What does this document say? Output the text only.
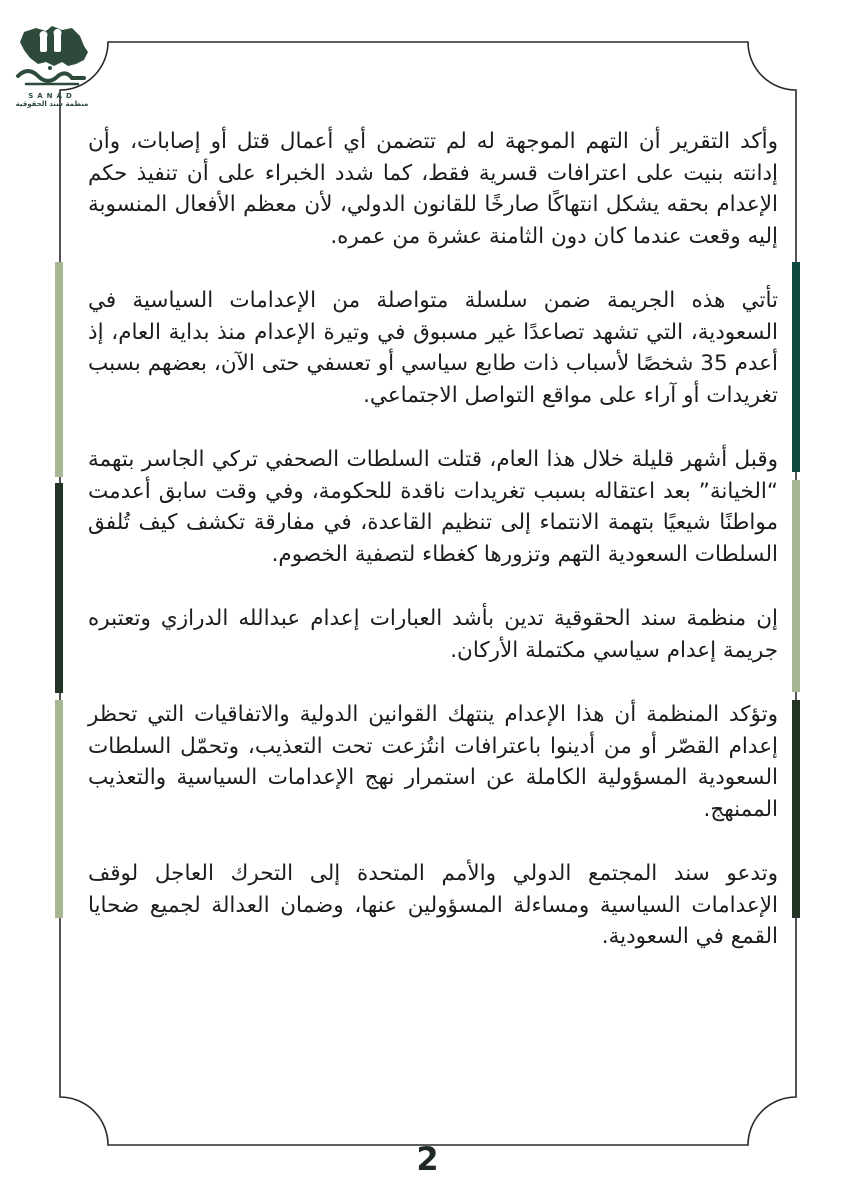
SANAD
منظمة سند الحقوقية

وأكد التقرير أن التهم الموجهة له لم تتضمن أي أعمال قتل أو إصابات، وأن إدانته بنيت على اعترافات قسرية فقط، كما شدد الخبراء على أن تنفيذ حكم الإعدام بحقه يشكل انتهاكًا صارخًا للقانون الدولي، لأن معظم الأفعال المنسوبة إليه وقعت عندما كان دون الثامنة عشرة من عمره.

تأتي هذه الجريمة ضمن سلسلة متواصلة من الإعدامات السياسية في السعودية، التي تشهد تصاعدًا غير مسبوق في وتيرة الإعدام منذ بداية العام، إذ أعدم 35 شخصًا لأسباب ذات طابع سياسي أو تعسفي حتى الآن، بعضهم بسبب تغريدات أو آراء على مواقع التواصل الاجتماعي.

وقبل أشهر قليلة خلال هذا العام، قتلت السلطات الصحفي تركي الجاسر بتهمة “الخيانة” بعد اعتقاله بسبب تغريدات ناقدة للحكومة، وفي وقت سابق أعدمت مواطنًا شيعيًا بتهمة الانتماء إلى تنظيم القاعدة، في مفارقة تكشف كيف تُلفق السلطات السعودية التهم وتزورها كغطاء لتصفية الخصوم.

إن منظمة سند الحقوقية تدين بأشد العبارات إعدام عبدالله الدرازي وتعتبره جريمة إعدام سياسي مكتملة الأركان.

وتؤكد المنظمة أن هذا الإعدام ينتهك القوانين الدولية والاتفاقيات التي تحظر إعدام القصّر أو من أدينوا باعترافات انتُزعت تحت التعذيب، وتحمّل السلطات السعودية المسؤولية الكاملة عن استمرار نهج الإعدامات السياسية والتعذيب الممنهج.

وتدعو سند المجتمع الدولي والأمم المتحدة إلى التحرك العاجل لوقف الإعدامات السياسية ومساءلة المسؤولين عنها، وضمان العدالة لجميع ضحايا القمع في السعودية.

2
